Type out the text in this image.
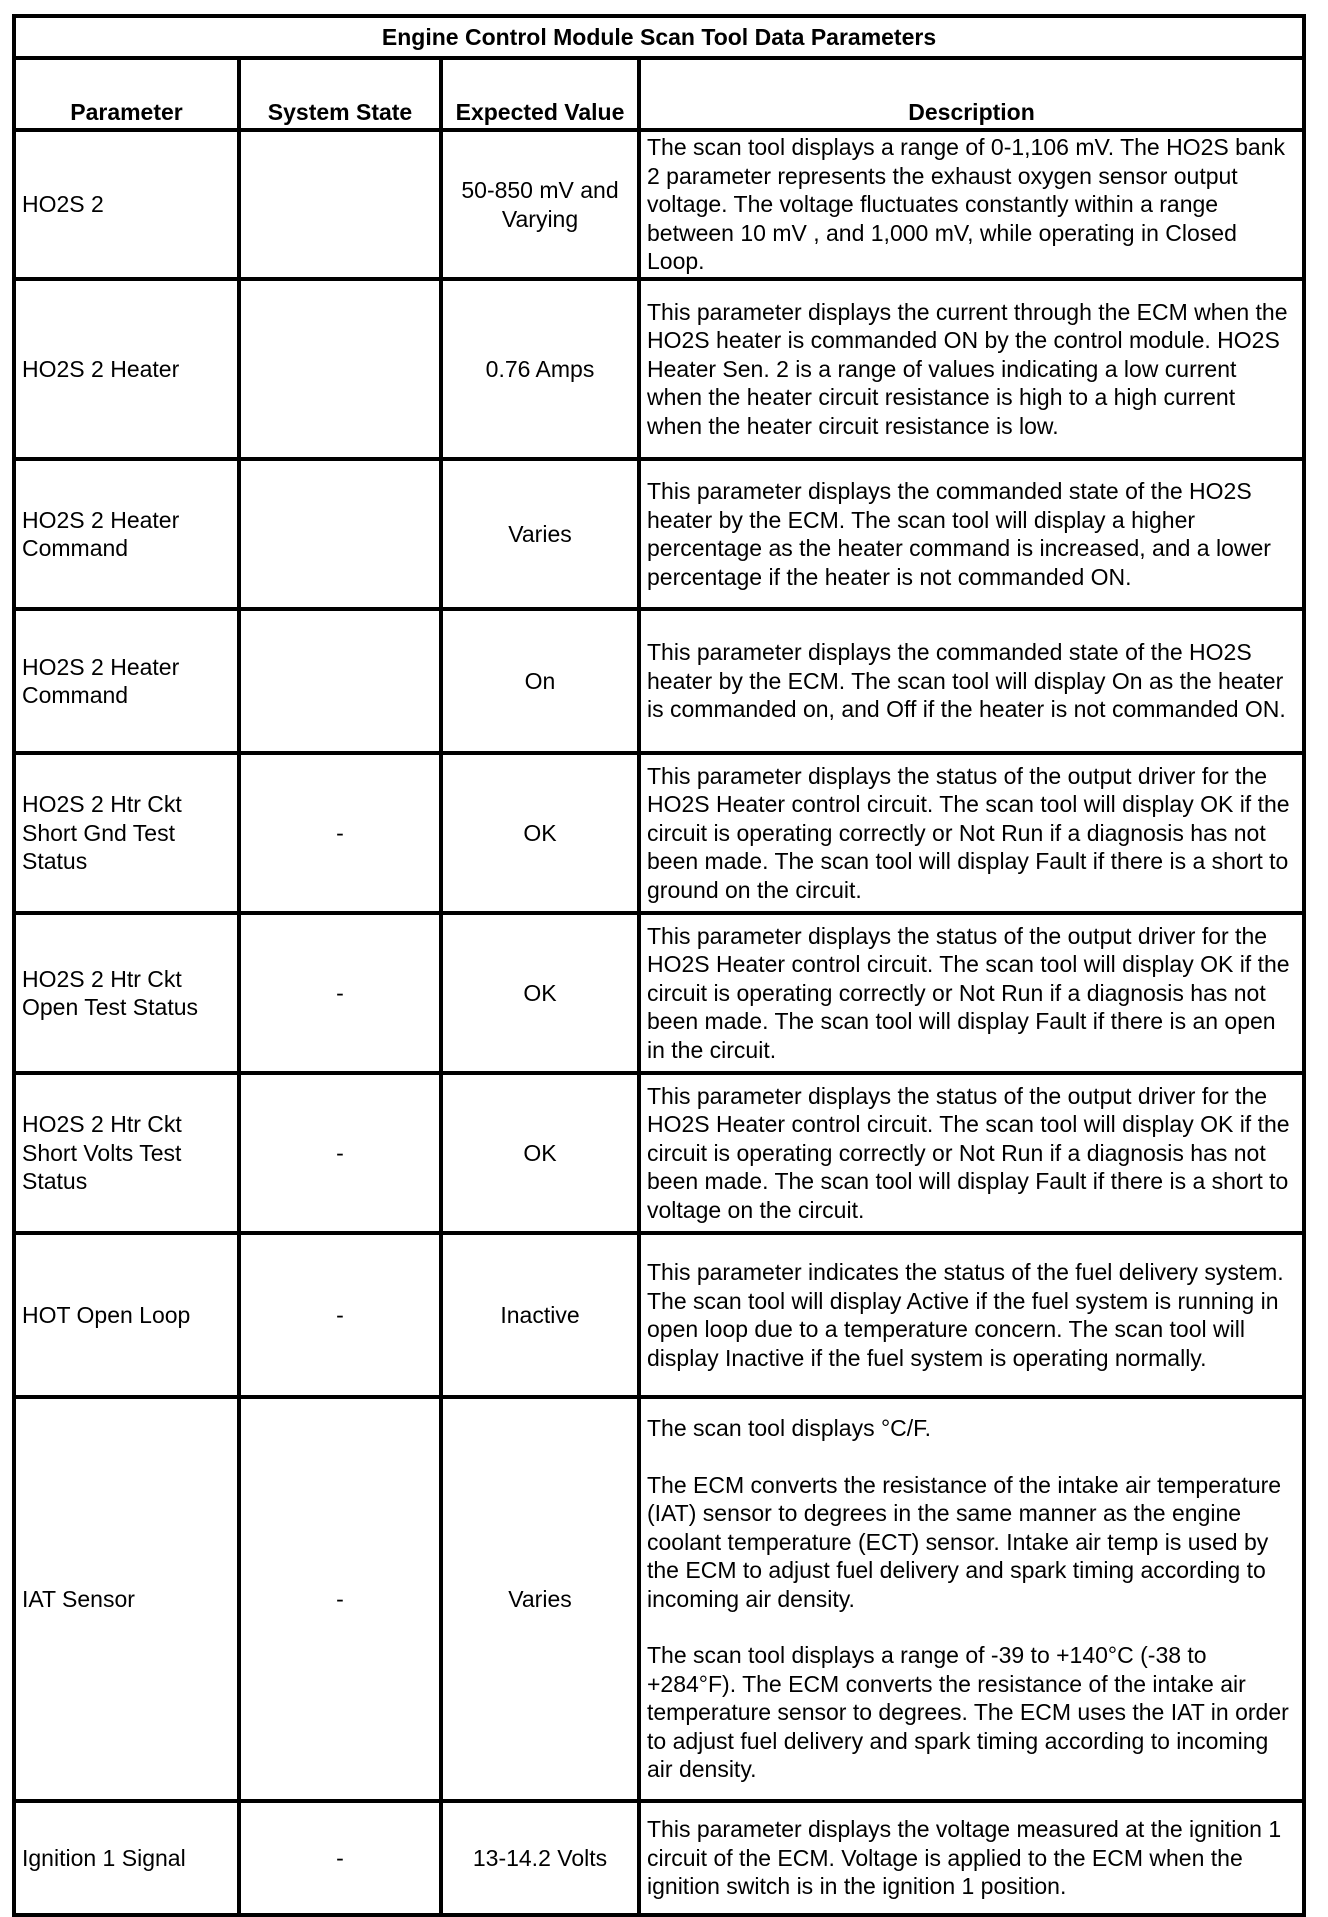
Engine Control Module Scan Tool Data Parameters			
Parameter	System State	Expected Value	Description
HO2S 2		50-850 mV and Varying	The scan tool displays a range of 0-1,106 mV. The HO2S bank 2 parameter represents the exhaust oxygen sensor output voltage. The voltage fluctuates constantly within a range between 10 mV , and 1,000 mV, while operating in Closed Loop.

HO2S 2 Heater		0.76 Amps	This parameter displays the current through the ECM when the HO2S heater is commanded ON by the control module. HO2S Heater Sen. 2 is a range of values indicating a low current when the heater circuit resistance is high to a high current when the heater circuit resistance is low.

HO2S 2 Heater Command		Varies	This parameter displays the commanded state of the HO2S heater by the ECM. The scan tool will display a higher percentage as the heater command is increased, and a lower percentage if the heater is not commanded ON.

HO2S 2 Heater Command		On	This parameter displays the commanded state of the HO2S heater by the ECM. The scan tool will display On as the heater is commanded on, and Off if the heater is not commanded ON.

HO2S 2 Htr Ckt Short Gnd Test Status	-	OK	This parameter displays the status of the output driver for the HO2S Heater control circuit. The scan tool will display OK if the circuit is operating correctly or Not Run if a diagnosis has not been made. The scan tool will display Fault if there is a short to ground on the circuit.

HO2S 2 Htr Ckt Open Test Status	-	OK	This parameter displays the status of the output driver for the HO2S Heater control circuit. The scan tool will display OK if the circuit is operating correctly or Not Run if a diagnosis has not been made. The scan tool will display Fault if there is an open in the circuit.

HO2S 2 Htr Ckt Short Volts Test Status	-	OK	This parameter displays the status of the output driver for the HO2S Heater control circuit. The scan tool will display OK if the circuit is operating correctly or Not Run if a diagnosis has not been made. The scan tool will display Fault if there is a short to voltage on the circuit.

HOT Open Loop	-	Inactive	This parameter indicates the status of the fuel delivery system. The scan tool will display Active if the fuel system is running in open loop due to a temperature concern. The scan tool will display Inactive if the fuel system is operating normally.

IAT Sensor	-	Varies	The scan tool displays °C/F.

The ECM converts the resistance of the intake air temperature (IAT) sensor to degrees in the same manner as the engine coolant temperature (ECT) sensor. Intake air temp is used by the ECM to adjust fuel delivery and spark timing according to incoming air density.

The scan tool displays a range of -39 to +140°C (-38 to +284°F). The ECM converts the resistance of the intake air temperature sensor to degrees. The ECM uses the IAT in order to adjust fuel delivery and spark timing according to incoming air density.

Ignition 1 Signal	-	13-14.2 Volts	This parameter displays the voltage measured at the ignition 1 circuit of the ECM. Voltage is applied to the ECM when the ignition switch is in the ignition 1 position.
